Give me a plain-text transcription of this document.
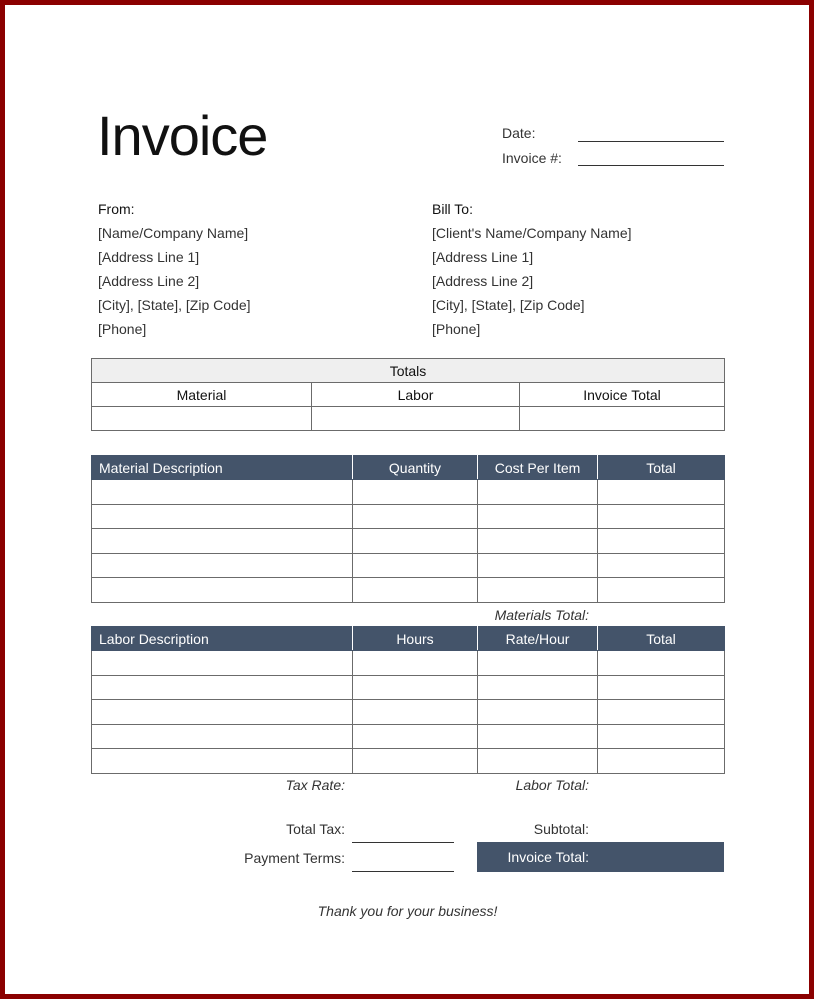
Invoice	Date:
Invoice #:
From:
[Name/Company Name]
[Address Line 1]
[Address Line 2]
[City], [State], [Zip Code]
[Phone]
Bill To:
[Client's Name/Company Name]
[Address Line 1]
[Address Line 2]
[City], [State], [Zip Code]
[Phone]
Totals		
Material	Labor	Invoice Total

Material Description	Quantity	Cost Per Item	Total

Materials Total:
Labor Description	Hours	Rate/Hour	Total

Tax Rate:	Labor Total:
Total Tax:	Subtotal:
Payment Terms:	Invoice Total:
Thank you for your business!
